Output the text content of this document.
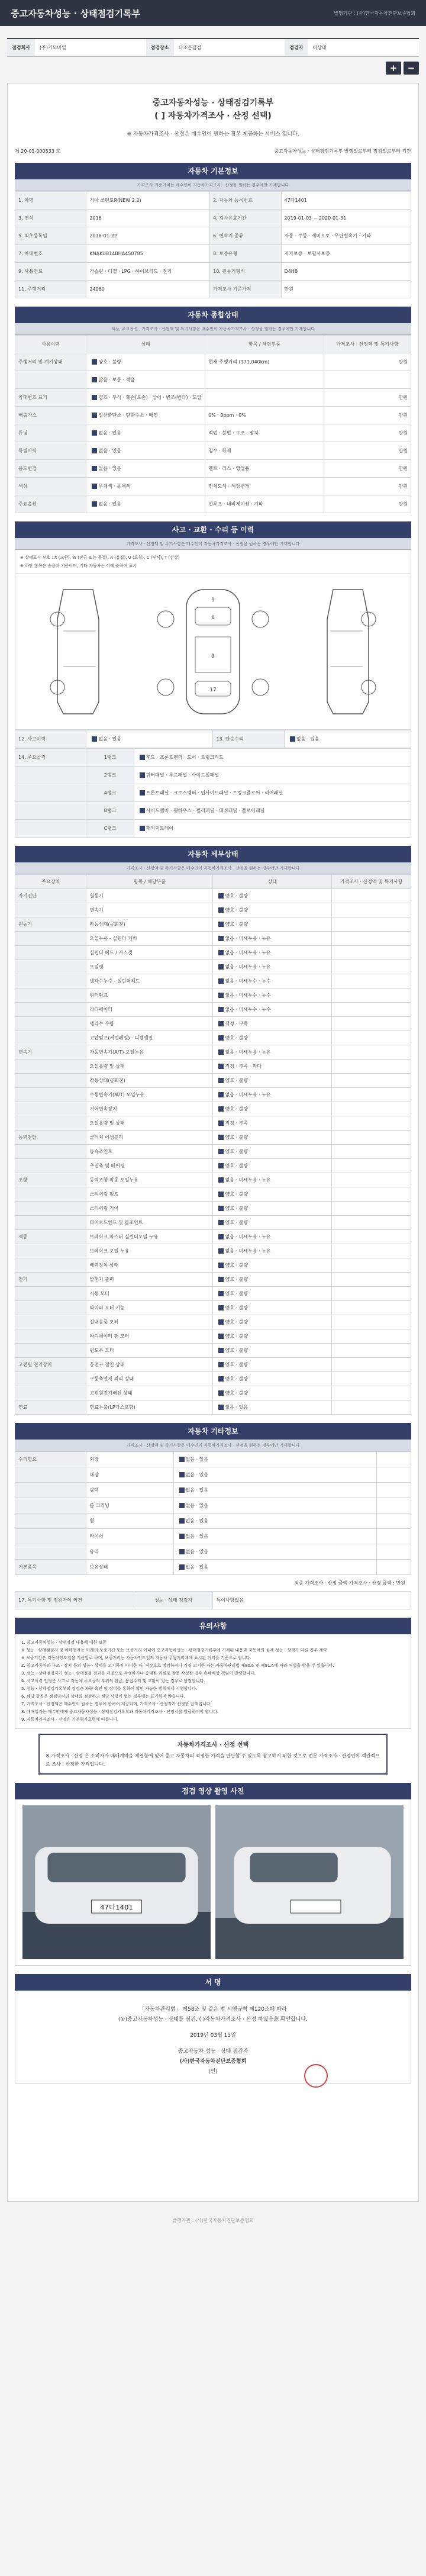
중고자동차성능 · 상태점검기록부	발행기관 : (사)한국자동차진단보증협회
점검회사	(주)카모바일	점검장소	더조은점검	점검자	이상태
+	−
중고자동차성능 · 상태점검기록부
( ] 자동차가격조사 · 산정 선택)
※ 자동차가격조사 · 산정은 매수인이 원하는 경우 제공하는 서비스 입니다.
제 20-01-000533 호	중고자동차성능 · 상태점검기록부 발행일로부터 점검일로부터 기간
자동차 기본정보
가격조사 기준가치는 매수인이 자동차가격조사 · 산정을 원하는 경우에만 기재합니다
1. 차명	기아 쏘렌토R(NEW 2.2)	2. 자동차 등록번호	47다1401
3. 연식	2016	4. 검사유효기간	2019-01-03 ~ 2020-01-31
5. 최초등록일	2016-01-22	6. 변속기 종류	자동 · 수동 · 세미오토 · 무단변속기 · 기타
7. 차대번호	KNAKU814BHA450785	8. 보증유형	자가보증 · 보험사보증
9. 사용연료	가솔린 · 디젤 · LPG · 하이브리드 · 전기	10. 원동기형식	D4HB
11. 주행거리	24060	가격조사 기준가격	만원
자동차 종합상태
색상, 주요옵션 , 가격조사 · 산정액 및 특기사항은 매수인이 자동차가격조사 · 산정을 원하는 경우에만 기재합니다
사용이력	상태	항목 / 해당부품	가격조사 · 산정액 및 특기사항
주행거리 및 계기상태	양호 · 불량	현재 주행거리 (171,040km)	만원
	많음 · 보통 · 적음		
차대번호 표기	양호 · 부식 · 훼손(오손) · 상이 · 변조(변타) · 도말		만원
배출가스	일산화탄소 · 탄화수소 · 매연	0% · 0ppm · 0%	만원
튜닝	없음 · 있음	적법 · 불법 · 구조 · 장치	만원
특별이력	없음 · 있음	침수 · 화재	만원
용도변경	없음 · 있음	렌트 · 리스 · 영업용	만원
색상	무채색 · 유채색	전체도색 · 색상변경	만원
주요옵션	없음 · 있음	선루프 · 내비게이션 · 기타	만원
사고 · 교환 · 수리 등 이력
가격조사 · 산정액 및 특기사항은 매수인이 자동차가격조사 · 산정을 원하는 경우에만 기재합니다
※ 상태표시 부호 : X (교환), W (판금 또는 용접), A (흠집), U (요철), C (부식), T (손상)
※ 하단 항목은 승용차 기준이며, 기타 자동차는 이에 준하여 표시
1
6
9
17
12. 사고이력	없음 · 있음	13. 단순수리	없음 · 있음
14. 주요골격	1랭크	후드 · 프론트펜더 · 도어 · 트렁크리드
	2랭크	쿼터패널 · 루프패널 · 사이드실패널
	A랭크	프론트패널 · 크로스멤버 · 인사이드패널 · 트렁크플로어 · 리어패널
	B랭크	사이드멤버 · 휠하우스 · 필러패널 · 대쉬패널 · 플로어패널
	C랭크	패키지트레이
자동차 세부상태
가격조사 · 산정액 및 특기사항은 매수인이 자동차가격조사 · 산정을 원하는 경우에만 기재합니다
주요장치	항목 / 해당부품	상태	가격조사 · 산정액 및 특기사항
자기진단	원동기	양호 · 불량	
	변속기	양호 · 불량	
원동기	작동상태(공회전)	양호 · 불량	
	오일누유 - 실린더 커버	없음 · 미세누유 · 누유	
	실린더 헤드 / 가스켓	없음 · 미세누유 · 누유	
	오일팬	없음 · 미세누유 · 누유	
	냉각수누수 - 실린더헤드	없음 · 미세누수 · 누수	
	워터펌프	없음 · 미세누수 · 누수	
	라디에이터	없음 · 미세누수 · 누수	
	냉각수 수량	적정 · 부족	
	고압펌프(커먼레일) - 디젤엔진	양호 · 불량	
변속기	자동변속기(A/T) 오일누유	없음 · 미세누유 · 누유	
	오일유량 및 상태	적정 · 부족 · 과다	
	작동상태(공회전)	양호 · 불량	
	수동변속기(M/T) 오일누유	없음 · 미세누유 · 누유	
	기어변속장치	양호 · 불량	
	오일유량 및 상태	적정 · 부족	
동력전달	클러치 어셈블리	양호 · 불량	
	등속조인트	양호 · 불량	
	추진축 및 베어링	양호 · 불량	
조향	동력조향 작동 오일누유	없음 · 미세누유 · 누유	
	스티어링 펌프	양호 · 불량	
	스티어링 기어	양호 · 불량	
	타이로드엔드 및 볼조인트	양호 · 불량	
제동	브레이크 마스터 실린더오일 누유	없음 · 미세누유 · 누유	
	브레이크 오일 누유	없음 · 미세누유 · 누유	
	배력장치 상태	양호 · 불량	
전기	발전기 출력	양호 · 불량	
	시동 모터	양호 · 불량	
	와이퍼 모터 기능	양호 · 불량	
	실내송풍 모터	양호 · 불량	
	라디에이터 팬 모터	양호 · 불량	
	윈도우 모터	양호 · 불량	
고전원 전기장치	충전구 절연 상태	양호 · 불량	
	구동축전지 격리 상태	양호 · 불량	
	고전원전기배선 상태	양호 · 불량	
연료	연료누출(LP가스포함)	없음 · 있음	
자동차 기타정보
가격조사 · 산정액 및 특기사항은 매수인이 자동차가격조사 · 산정을 원하는 경우에만 기재합니다
수리필요	외장	없음 · 있음	
	내장	없음 · 있음	
	광택	없음 · 있음	
	룸 크리닝	없음 · 있음	
	휠	없음 · 있음	
	타이어	없음 · 있음	
	유리	없음 · 있음	
기본품목	보유상태	없음 · 있음	
최종 가격조사 · 산정 금액 가격조사 · 산정 금액 : 만원
17. 특기사항 및 점검자의 의견	성능 · 상태 점검자	특이사항없음
유의사항
1. 중고자동차성능 · 상태점검 내용에 대한 보증
※ 성능 · 상태점검자 및 매매업자는 아래의 보증기간 또는 보증거리 이내에 중고자동차성능 · 상태점검기록부에 기재된 내용과 자동차의 실제 성능 · 상태가 다른 경우 계약
※ 보증기간은 자동차인도일을 기산일로 하며, 보증거리는 자동차인도일의 자동차 주행거리계에 표시된 거리를 기준으로 합니다.
2. 중고자동차의 구조 · 장치 등의 성능 · 상태를 고지하지 아니한 자, 거짓으로 점검하거나 거짓 고지한 자는 자동차관리법 제80조 및 제81조에 따라 처벌을 받을 수 있습니다.
3. 성능 · 상태점검자가 성능 · 상태점검 결과를 거짓으로 작성하거나 중대한 과실로 잘못 작성한 경우 손해배상 책임이 발생합니다.
4. 사고이력 인정은 사고로 자동차 주요골격 부위의 판금, 용접수리 및 교환이 있는 경우로 한정합니다.
5. 성능 · 상태점검기록부의 점검은 차량 육안 및 장비를 통하여 확인 가능한 범위에서 시행합니다.
6. 해당 항목은 점검당시의 상태를 점검하고 해당 사항이 없는 경우에는 표기하지 않습니다.
7. 가격조사 · 산정액은 매수인이 원하는 경우에 한하여 제공되며, 가격조사 · 산정자가 산정한 금액입니다.
8. 매매업자는 매수인에게 중고자동차성능 · 상태점검기록부와 자동차가격조사 · 산정서를 발급하여야 합니다.
9. 자동차가격조사 · 산정은 기본평가요령에 따릅니다.
자동차가격조사 · 산정 선택
※ 가격조사 · 산정 은 소비자가 매매계약을 체결함에 있어 중고 자동차의 적정한 가격을 판단할 수 있도록 참고하기 위한 것으로 전문 가격조사 · 산정인이 객관적으로 조사 · 산정한 가격입니다.
점검 영상 촬영 사진
47다1401
서 명
「자동차관리법」 제58조 및 같은 법 시행규칙 제120조에 따라
(①)중고자동차성능 · 상태를 점검, ( )자동차가격조사 · 산정 하였음을 확인합니다.
2019년 03월 15일
중고자동차 성능 · 상태 점검자
(사)한국자동차진단보증협회
(인)
발행기관 : (사)한국자동차진단보증협회
